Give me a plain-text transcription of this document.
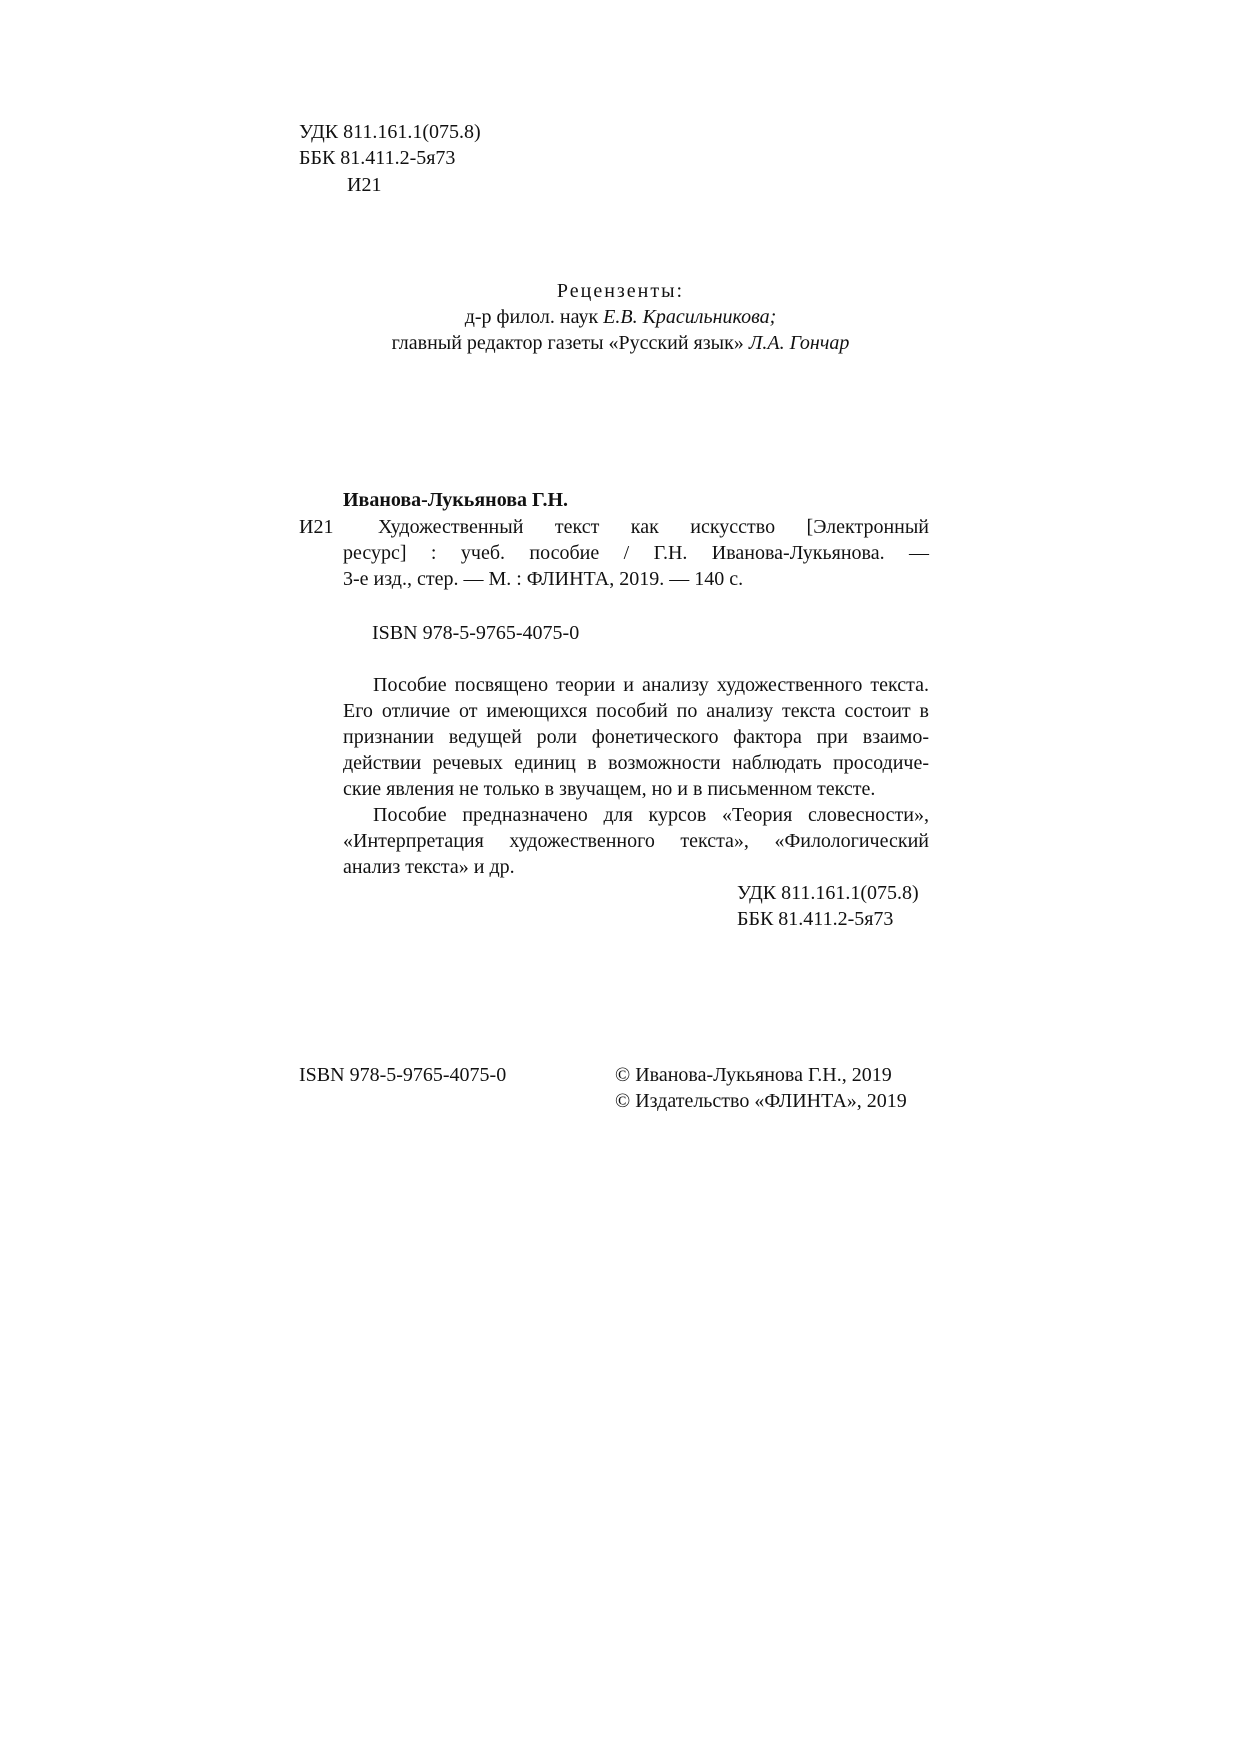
УДК 811.161.1(075.8)
ББК 81.411.2-5я73
И21
Рецензенты:
д-р филол. наук Е.В. Красильникова;
главный редактор газеты «Русский язык» Л.А. Гончар
Иванова-Лукьянова Г.Н.
И21 Художественный текст как искусство [Электронный
ресурс] : учеб. пособие / Г.Н. Иванова-Лукьянова. —
3-е изд., стер. — М. : ФЛИНТА, 2019. — 140 с.
ISBN 978-5-9765-4075-0
Пособие посвящено теории и анализу художественного текста.
Его отличие от имеющихся пособий по анализу текста состоит в
признании ведущей роли фонетического фактора при взаимо-
действии речевых единиц в возможности наблюдать просодиче-
ские явления не только в звучащем, но и в письменном тексте.
Пособие предназначено для курсов «Теория словесности»,
«Интерпретация художественного текста», «Филологический
анализ текста» и др.
УДК 811.161.1(075.8)
ББК 81.411.2-5я73
ISBN 978-5-9765-4075-0	© Иванова-Лукьянова Г.Н., 2019
© Издательство «ФЛИНТА», 2019
